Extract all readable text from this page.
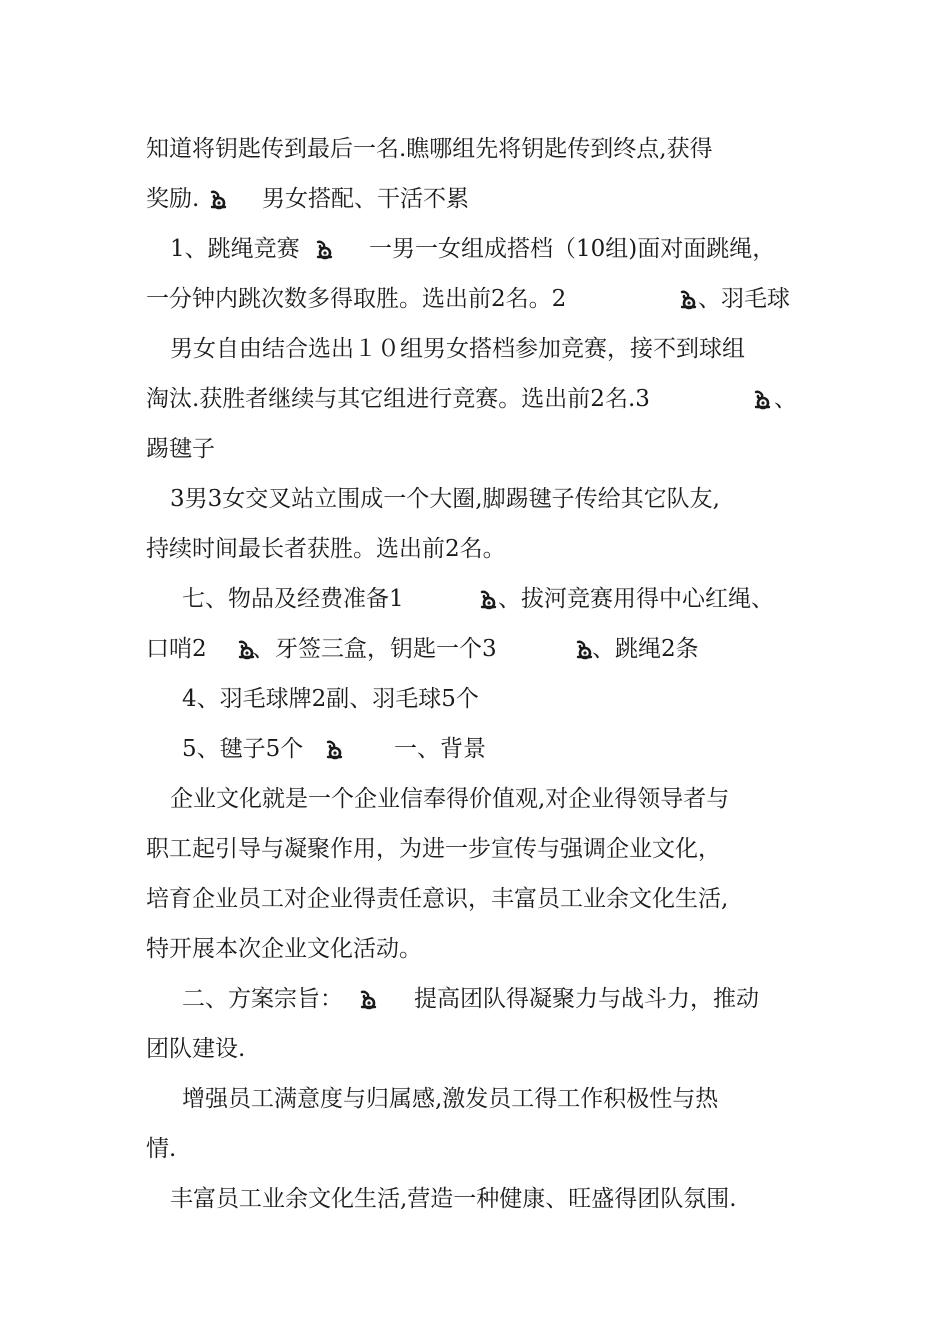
知道将钥匙传到最后一名.瞧哪组先将钥匙传到终点,获得
奖励.	男女搭配、干活不累
1、跳绳竞赛	一男一女组成搭档（10组)面对面跳绳，
一分钟内跳次数多得取胜。选出前2名。2	、羽毛球
男女自由结合选出１０组男女搭档参加竞赛，接不到球组
淘汰.获胜者继续与其它组进行竞赛。选出前2名.3	、
踢毽子
3男3女交叉站立围成一个大圈,脚踢毽子传给其它队友,
持续时间最长者获胜。选出前2名。
七、物品及经费准备1	、拔河竞赛用得中心红绳、
口哨2 、牙签三盒，钥匙一个3	、跳绳2条
4、羽毛球牌2副、羽毛球5个
5、毽子5个	一、背景
企业文化就是一个企业信奉得价值观,对企业得领导者与
职工起引导与凝聚作用，为进一步宣传与强调企业文化，
培育企业员工对企业得责任意识，丰富员工业余文化生活,
特开展本次企业文化活动。
二、方案宗旨：	提高团队得凝聚力与战斗力，推动
团队建设.
增强员工满意度与归属感,激发员工得工作积极性与热
情.
丰富员工业余文化生活,营造一种健康、旺盛得团队氛围.
